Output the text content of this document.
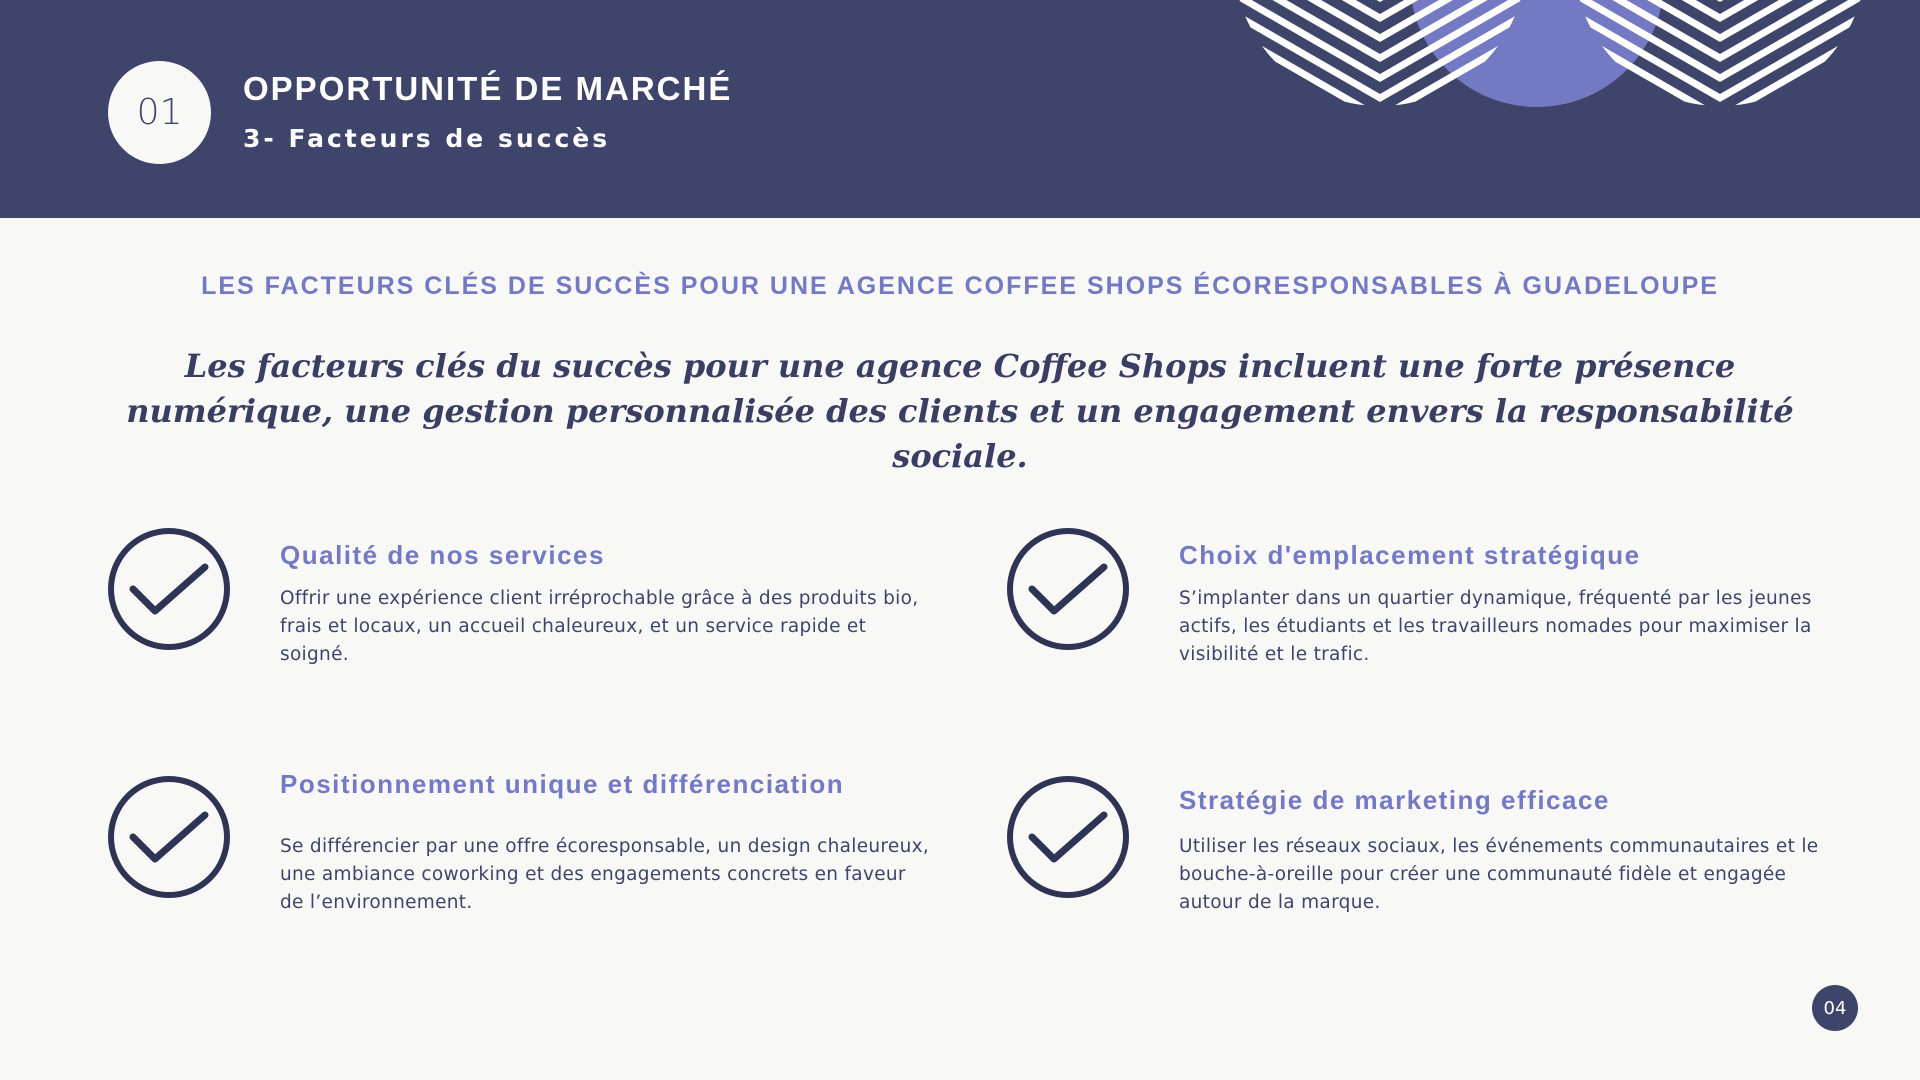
01
OPPORTUNITÉ DE MARCHÉ
3- Facteurs de succès
LES FACTEURS CLÉS DE SUCCÈS POUR UNE AGENCE COFFEE SHOPS ÉCORESPONSABLES À GUADELOUPE
Les facteurs clés du succès pour une agence Coffee Shops incluent une forte présence numérique, une gestion personnalisée des clients et un engagement envers la responsabilité sociale.
Qualité de nos services
Offrir une expérience client irréprochable grâce à des produits bio, frais et locaux, un accueil chaleureux, et un service rapide et soigné.
Choix d'emplacement stratégique
S’implanter dans un quartier dynamique, fréquenté par les jeunes actifs, les étudiants et les travailleurs nomades pour maximiser la visibilité et le trafic.
Positionnement unique et différenciation
Se différencier par une offre écoresponsable, un design chaleureux, une ambiance coworking et des engagements concrets en faveur de l’environnement.
Stratégie de marketing efficace
Utiliser les réseaux sociaux, les événements communautaires et le bouche-à-oreille pour créer une communauté fidèle et engagée autour de la marque.
04
